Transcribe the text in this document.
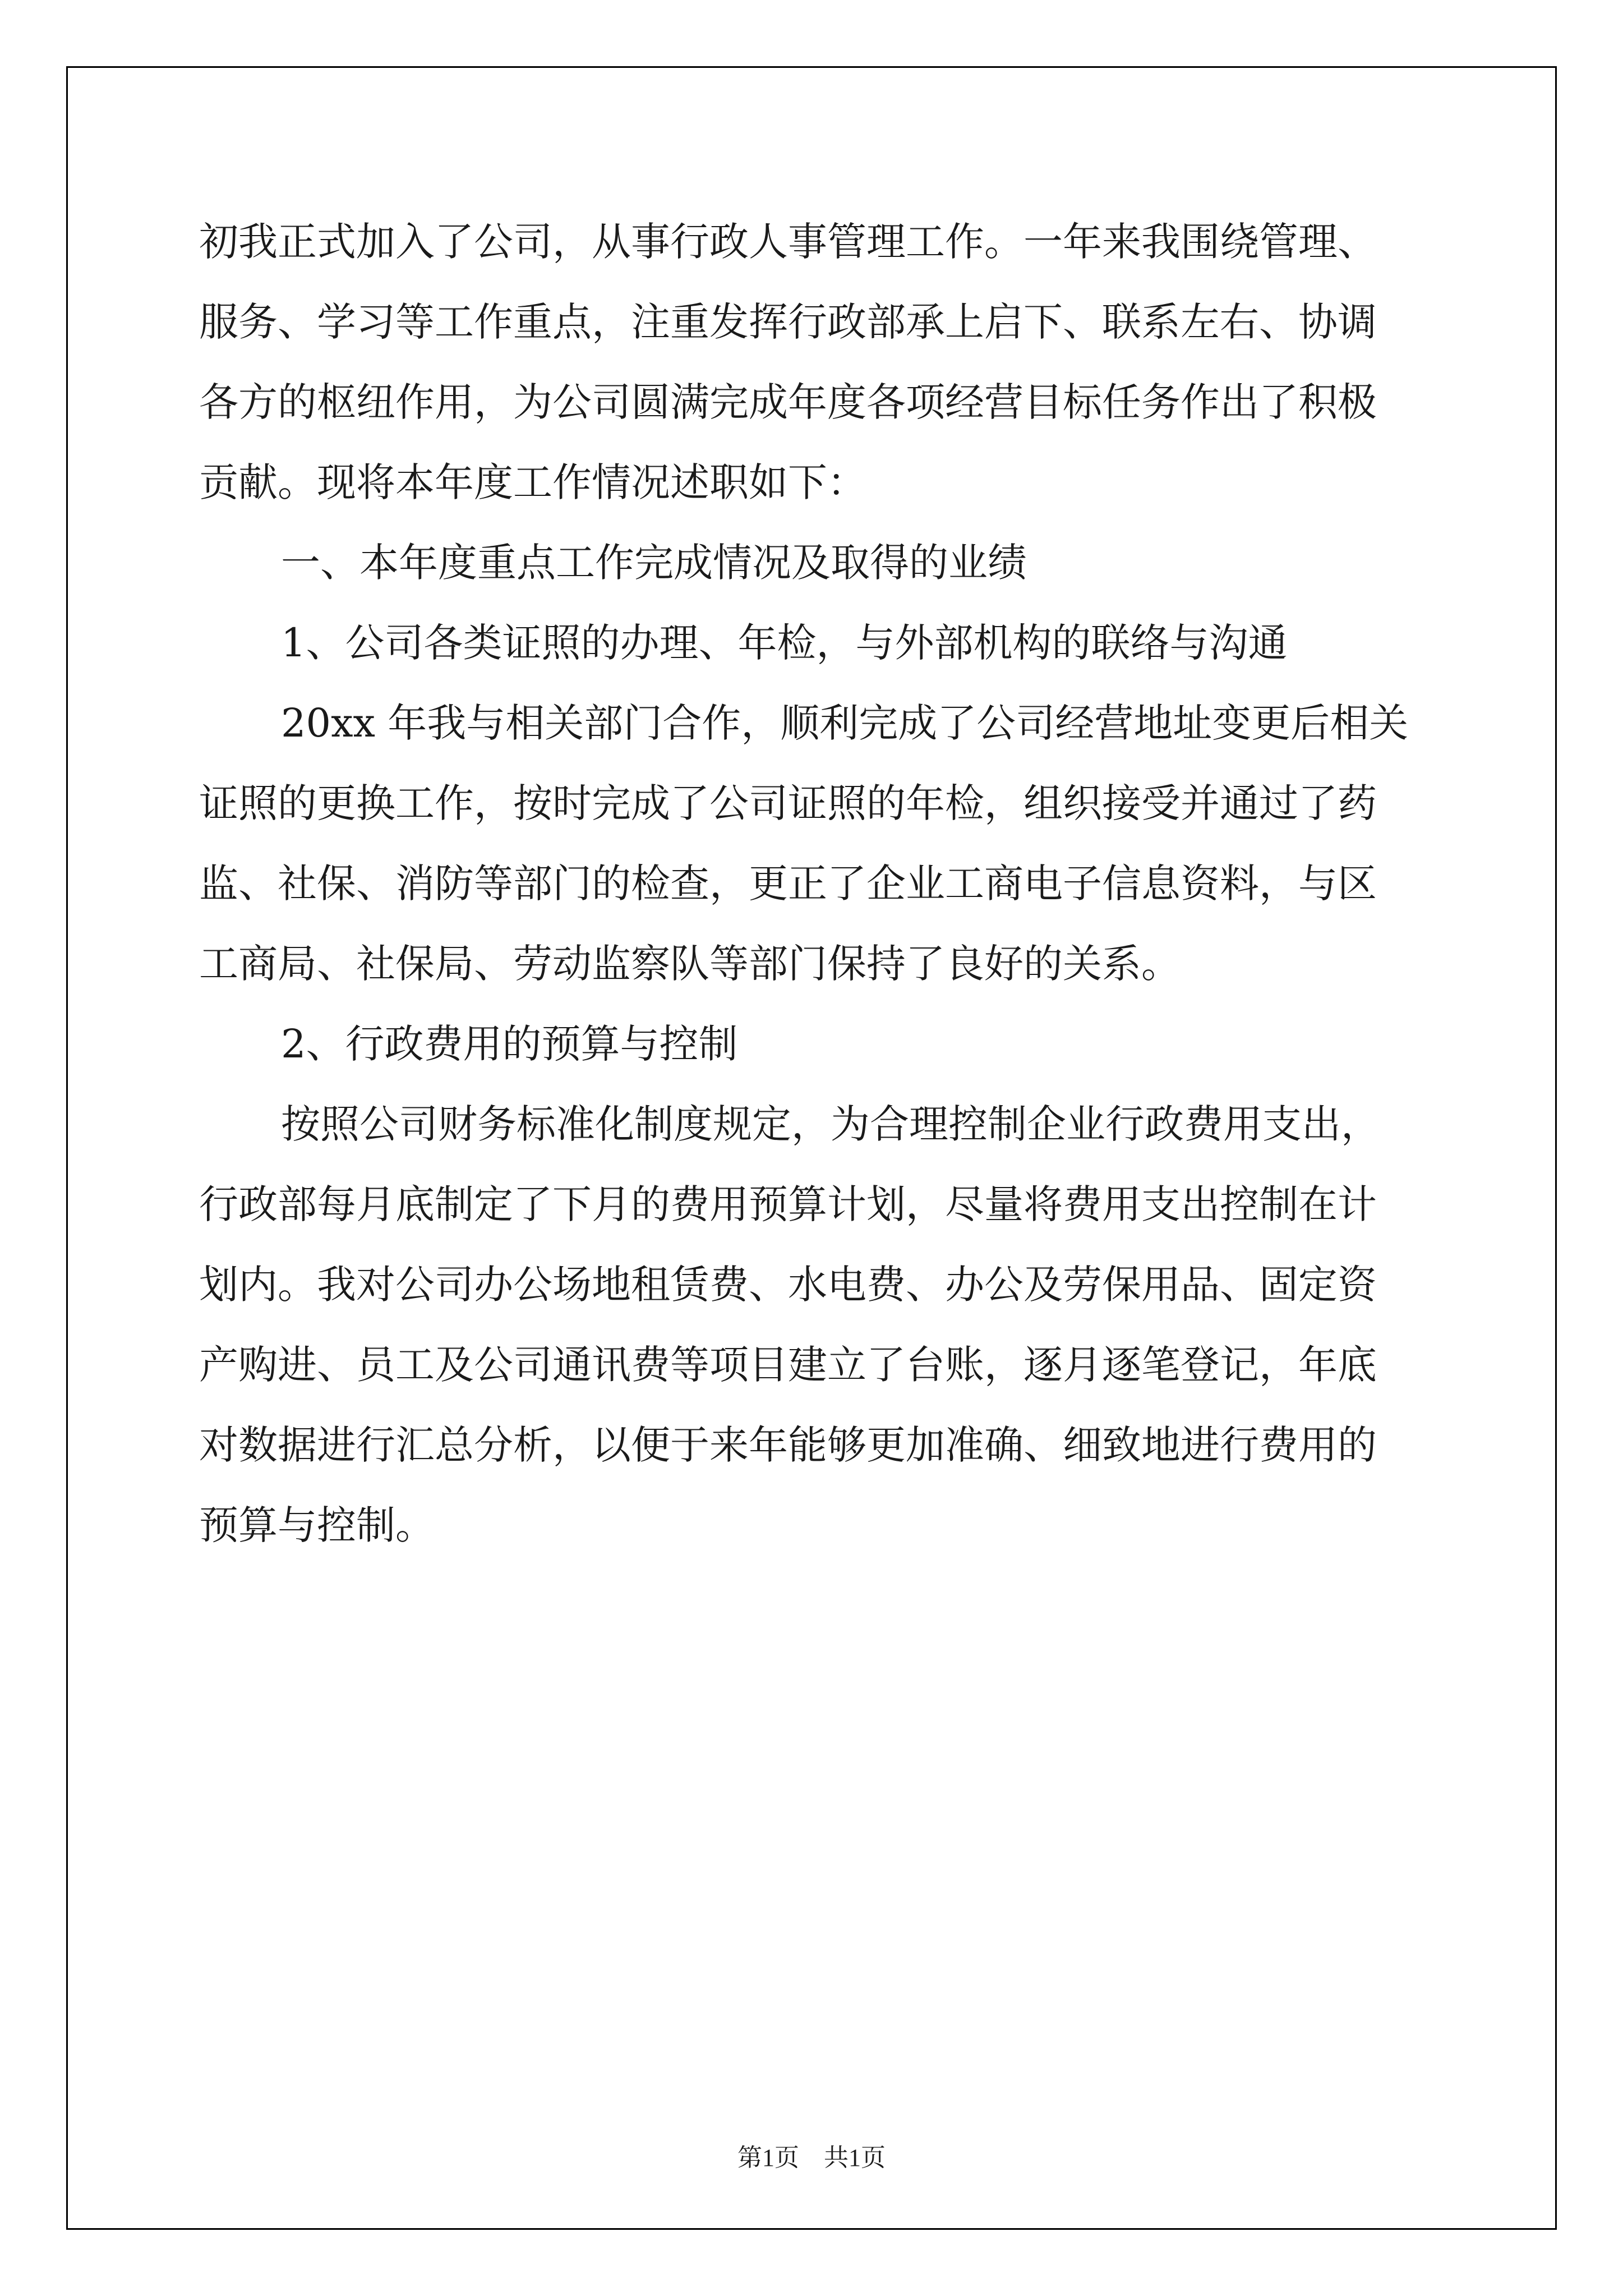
初我正式加入了公司，从事行政人事管理工作。一年来我围绕管理、
服务、学习等工作重点，注重发挥行政部承上启下、联系左右、协调
各方的枢纽作用，为公司圆满完成年度各项经营目标任务作出了积极
贡献。现将本年度工作情况述职如下：
一、本年度重点工作完成情况及取得的业绩
1、公司各类证照的办理、年检，与外部机构的联络与沟通
20xx 年我与相关部门合作，顺利完成了公司经营地址变更后相关
证照的更换工作，按时完成了公司证照的年检，组织接受并通过了药
监、社保、消防等部门的检查，更正了企业工商电子信息资料，与区
工商局、社保局、劳动监察队等部门保持了良好的关系。
2、行政费用的预算与控制
按照公司财务标准化制度规定，为合理控制企业行政费用支出，
行政部每月底制定了下月的费用预算计划，尽量将费用支出控制在计
划内。我对公司办公场地租赁费、水电费、办公及劳保用品、固定资
产购进、员工及公司通讯费等项目建立了台账，逐月逐笔登记，年底
对数据进行汇总分析，以便于来年能够更加准确、细致地进行费用的
预算与控制。
第1页　共1页
